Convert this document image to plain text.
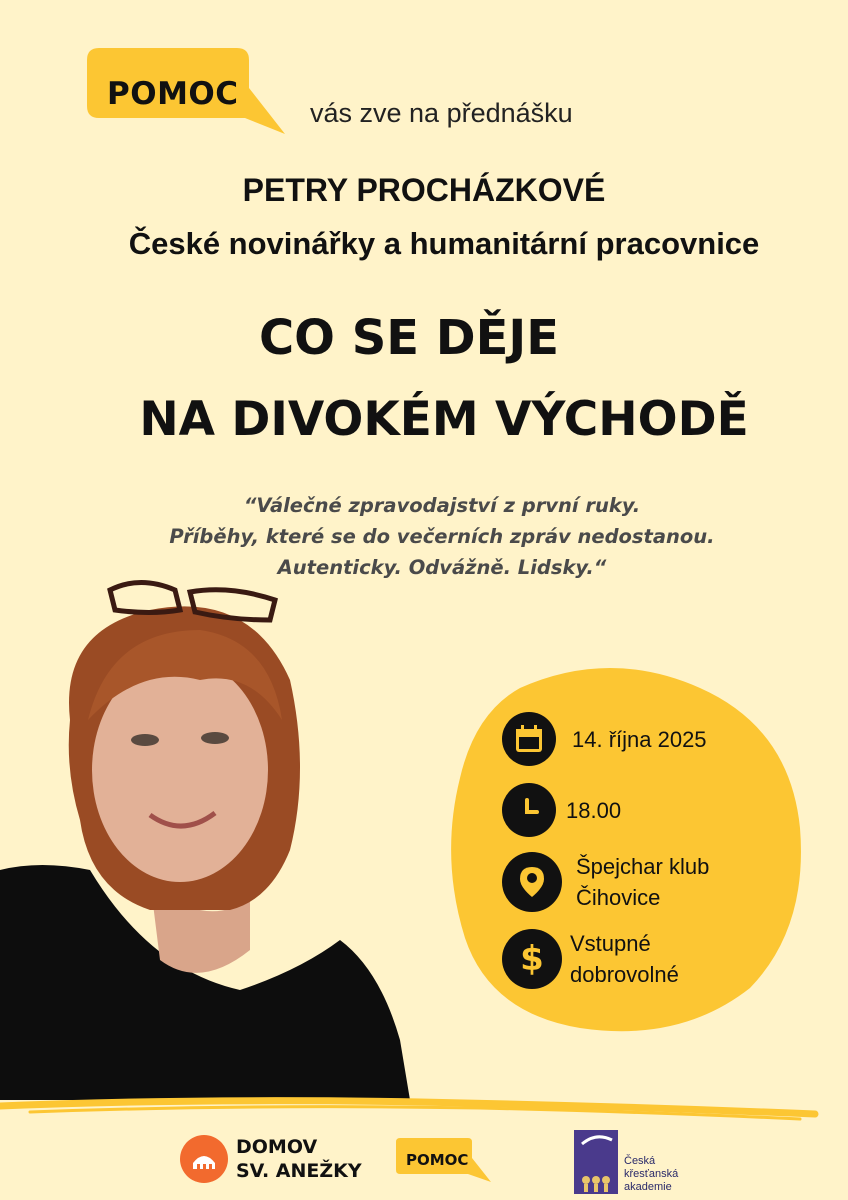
POMOC
vás zve na přednášku
PETRY PROCHÁZKOVÉ
České novinářky a humanitární pracovnice
CO SE DĚJE
NA DIVOKÉM VÝCHODĚ
“Válečné zpravodajství z první ruky.
Příběhy, které se do večerních zpráv nedostanou.
Autenticky. Odvážně. Lidsky.“
14. října 2025
18.00
Špejchar klub
Čihovice
$ Vstupné
dobrovolné
DOMOV
SV. ANEŽKY	POMOC	Česká
křesťanská
akademie
